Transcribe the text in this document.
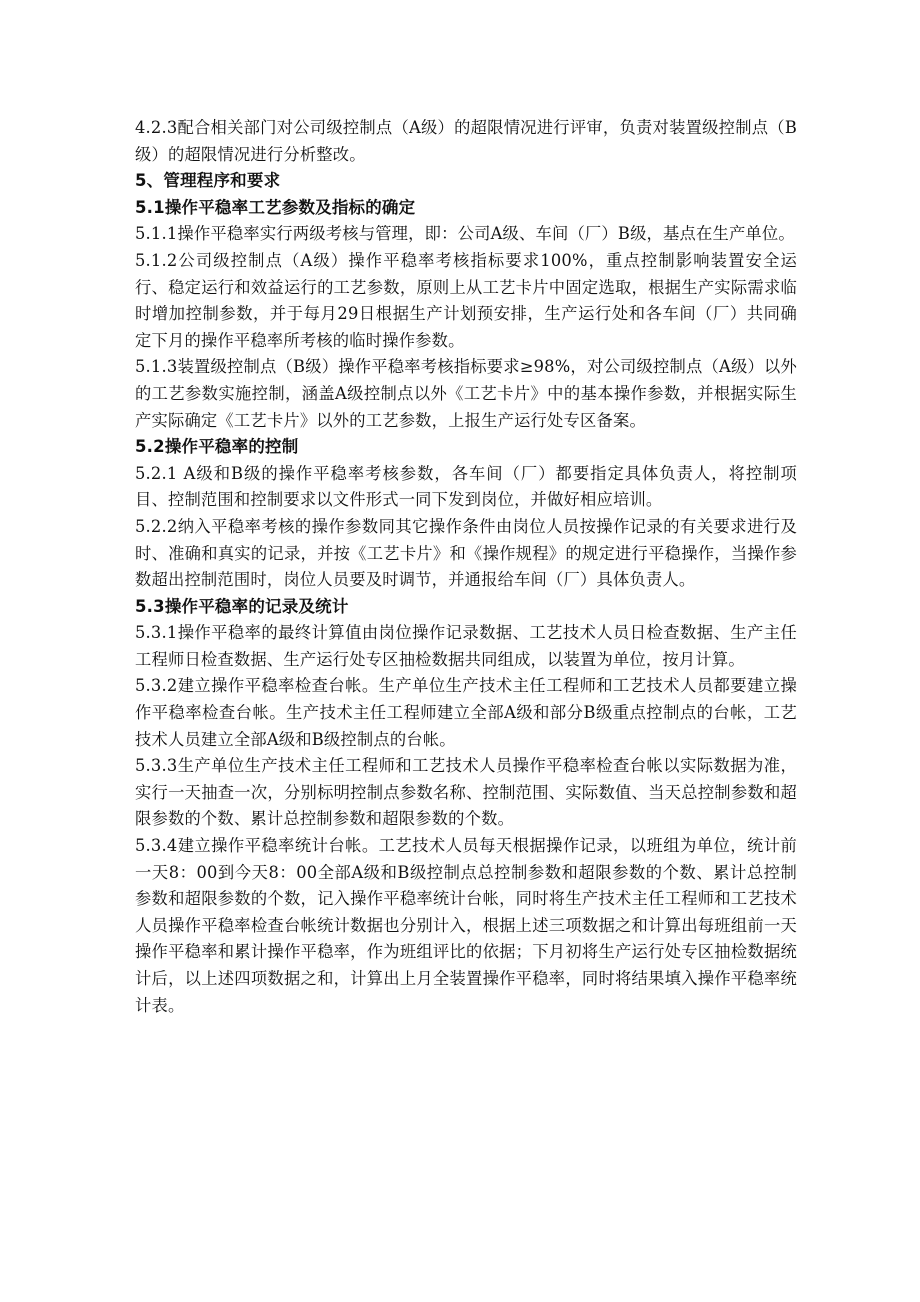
4.2.3配合相关部门对公司级控制点（A级）的超限情况进行评审，负责对装置级控制点（B级）的超限情况进行分析整改。

5、管理程序和要求
5.1操作平稳率工艺参数及指标的确定

5.1.1操作平稳率实行两级考核与管理，即：公司A级、车间（厂）B级，基点在生产单位。

5.1.2公司级控制点（A级）操作平稳率考核指标要求100%，重点控制影响装置安全运行、稳定运行和效益运行的工艺参数，原则上从工艺卡片中固定选取，根据生产实际需求临时增加控制参数，并于每月29日根据生产计划预安排，生产运行处和各车间（厂）共同确定下月的操作平稳率所考核的临时操作参数。

5.1.3装置级控制点（B级）操作平稳率考核指标要求≥98%，对公司级控制点（A级）以外的工艺参数实施控制，涵盖A级控制点以外《工艺卡片》中的基本操作参数，并根据实际生产实际确定《工艺卡片》以外的工艺参数，上报生产运行处专区备案。

5.2操作平稳率的控制

5.2.1 A级和B级的操作平稳率考核参数，各车间（厂）都要指定具体负责人，将控制项目、控制范围和控制要求以文件形式一同下发到岗位，并做好相应培训。

5.2.2纳入平稳率考核的操作参数同其它操作条件由岗位人员按操作记录的有关要求进行及时、准确和真实的记录，并按《工艺卡片》和《操作规程》的规定进行平稳操作，当操作参数超出控制范围时，岗位人员要及时调节，并通报给车间（厂）具体负责人。

5.3操作平稳率的记录及统计

5.3.1操作平稳率的最终计算值由岗位操作记录数据、工艺技术人员日检查数据、生产主任工程师日检查数据、生产运行处专区抽检数据共同组成，以装置为单位，按月计算。

5.3.2建立操作平稳率检查台帐。生产单位生产技术主任工程师和工艺技术人员都要建立操作平稳率检查台帐。生产技术主任工程师建立全部A级和部分B级重点控制点的台帐，工艺技术人员建立全部A级和B级控制点的台帐。

5.3.3生产单位生产技术主任工程师和工艺技术人员操作平稳率检查台帐以实际数据为准，实行一天抽查一次，分别标明控制点参数名称、控制范围、实际数值、当天总控制参数和超限参数的个数、累计总控制参数和超限参数的个数。

5.3.4建立操作平稳率统计台帐。工艺技术人员每天根据操作记录，以班组为单位，统计前一天8：00到今天8：00全部A级和B级控制点总控制参数和超限参数的个数、累计总控制参数和超限参数的个数，记入操作平稳率统计台帐，同时将生产技术主任工程师和工艺技术人员操作平稳率检查台帐统计数据也分别计入，根据上述三项数据之和计算出每班组前一天操作平稳率和累计操作平稳率，作为班组评比的依据；下月初将生产运行处专区抽检数据统计后，以上述四项数据之和，计算出上月全装置操作平稳率，同时将结果填入操作平稳率统计表。
